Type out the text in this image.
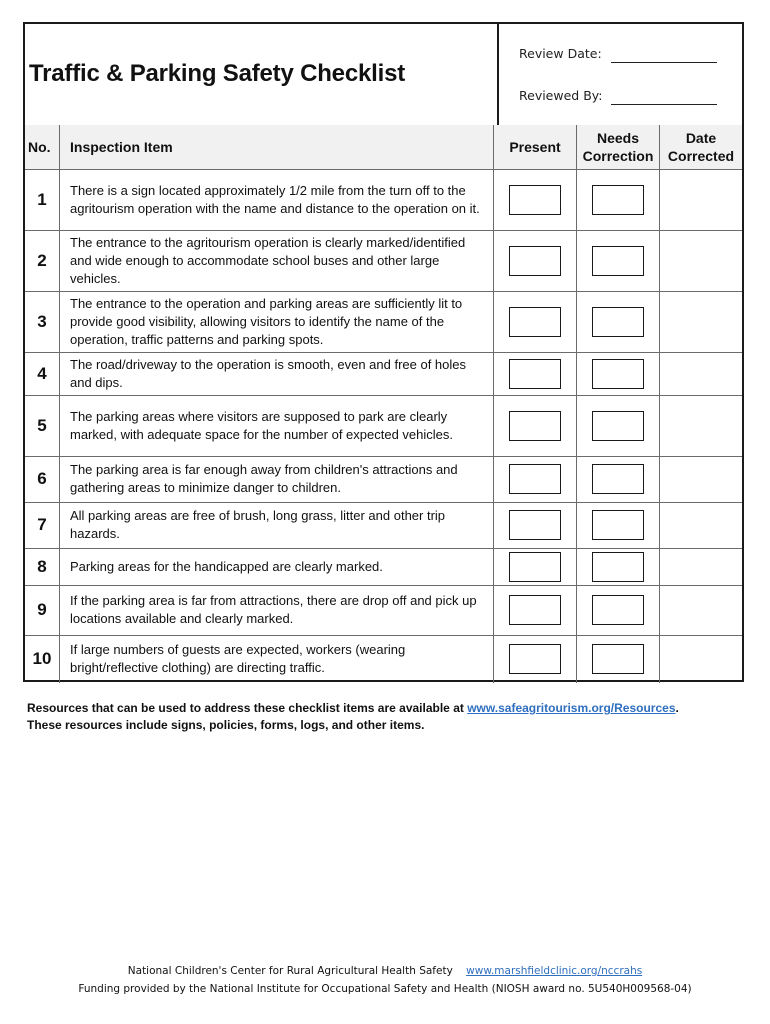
Traffic & Parking Safety Checklist
Review Date:
Reviewed By:
No.	Inspection Item	Present	Needs Correction	Date Corrected
1	There is a sign located approximately 1/2 mile from the turn off to the agritourism operation with the name and distance to the operation on it.			
2	The entrance to the agritourism operation is clearly marked/identified and wide enough to accommodate school buses and other large vehicles.			
3	The entrance to the operation and parking areas are sufficiently lit to provide good visibility, allowing visitors to identify the name of the operation, traffic patterns and parking spots.			
4	The road/driveway to the operation is smooth, even and free of holes and dips.			
5	The parking areas where visitors are supposed to park are clearly marked, with adequate space for the number of expected vehicles.			
6	The parking area is far enough away from children's attractions and gathering areas to minimize danger to children.			
7	All parking areas are free of brush, long grass, litter and other trip hazards.			
8	Parking areas for the handicapped are clearly marked.			
9	If the parking area is far from attractions, there are drop off and pick up locations available and clearly marked.			
10	If large numbers of guests are expected, workers (wearing bright/reflective clothing) are directing traffic.			
Resources that can be used to address these checklist items are available at www.safeagritourism.org/Resources.
These resources include signs, policies, forms, logs, and other items.
National Children's Center for Rural Agricultural Health Safety www.marshfieldclinic.org/nccrahs
Funding provided by the National Institute for Occupational Safety and Health (NIOSH award no. 5U540H009568-04)
